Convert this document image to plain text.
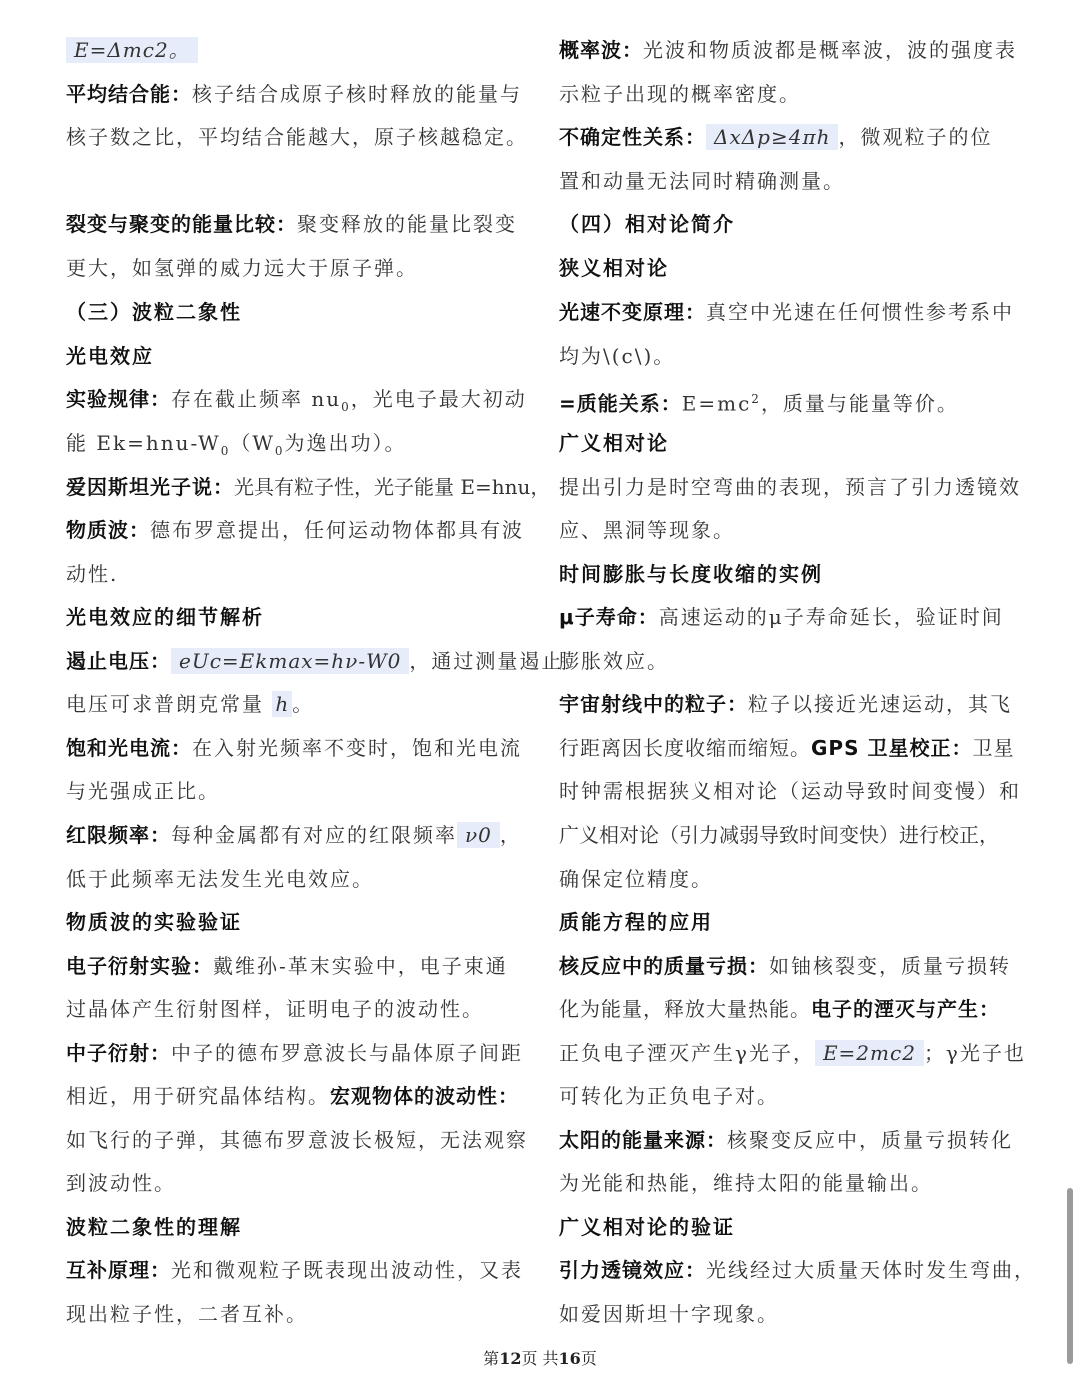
E=Δmc2。
平均结合能：核子结合成原子核时释放的能量与
核子数之比，平均结合能越大，原子核越稳定。
裂变与聚变的能量比较：聚变释放的能量比裂变
更大，如氢弹的威力远大于原子弹。
（三）波粒二象性
光电效应
实验规律：存在截止频率 $nu_0$，光电子最大初动
能 $Ek=hnu-W_0(W_0$为逸出功）。
爱因斯坦光子说：光具有粒子性，光子能量 E=hnu，
物质波：德布罗意提出，任何运动物体都具有波
动性.
光电效应的细节解析
遏止电压： eUc=Ekmax=hν-W0 ，通过测量遏止
电压可求普朗克常量 h 。
饱和光电流：在入射光频率不变时，饱和光电流
与光强成正比。
红限频率：每种金属都有对应的红限频率 ν0 ，
低于此频率无法发生光电效应。
物质波的实验验证
电子衍射实验：戴维孙-革末实验中，电子束通
过晶体产生衍射图样，证明电子的波动性。
中子衍射：中子的德布罗意波长与晶体原子间距
相近，用于研究晶体结构。宏观物体的波动性：
如飞行的子弹，其德布罗意波长极短，无法观察
到波动性。
波粒二象性的理解
互补原理：光和微观粒子既表现出波动性，又表
现出粒子性，二者互补。
概率波：光波和物质波都是概率波，波的强度表
示粒子出现的概率密度。
不确定性关系： ΔxΔp≥4πh ，微观粒子的位
置和动量无法同时精确测量。
（四）相对论简介
狭义相对论
光速不变原理：真空中光速在任何惯性参考系中
均为\(c\)。
=质能关系：$E=mc^2$，质量与能量等价。
广义相对论
提出引力是时空弯曲的表现，预言了引力透镜效
应、黑洞等现象。
时间膨胀与长度收缩的实例
μ子寿命：高速运动的μ子寿命延长，验证时间
膨胀效应。
宇宙射线中的粒子：粒子以接近光速运动，其飞
行距离因长度收缩而缩短。GPS 卫星校正：卫星
时钟需根据狭义相对论（运动导致时间变慢）和
广义相对论（引力减弱导致时间变快）进行校正，
确保定位精度。
质能方程的应用
核反应中的质量亏损：如铀核裂变，质量亏损转
化为能量，释放大量热能。电子的湮灭与产生：
正负电子湮灭产生γ光子， E=2mc2 ；γ光子也
可转化为正负电子对。
太阳的能量来源：核聚变反应中，质量亏损转化
为光能和热能，维持太阳的能量输出。
广义相对论的验证
引力透镜效应：光线经过大质量天体时发生弯曲，
如爱因斯坦十字现象。
第12页 共16页
